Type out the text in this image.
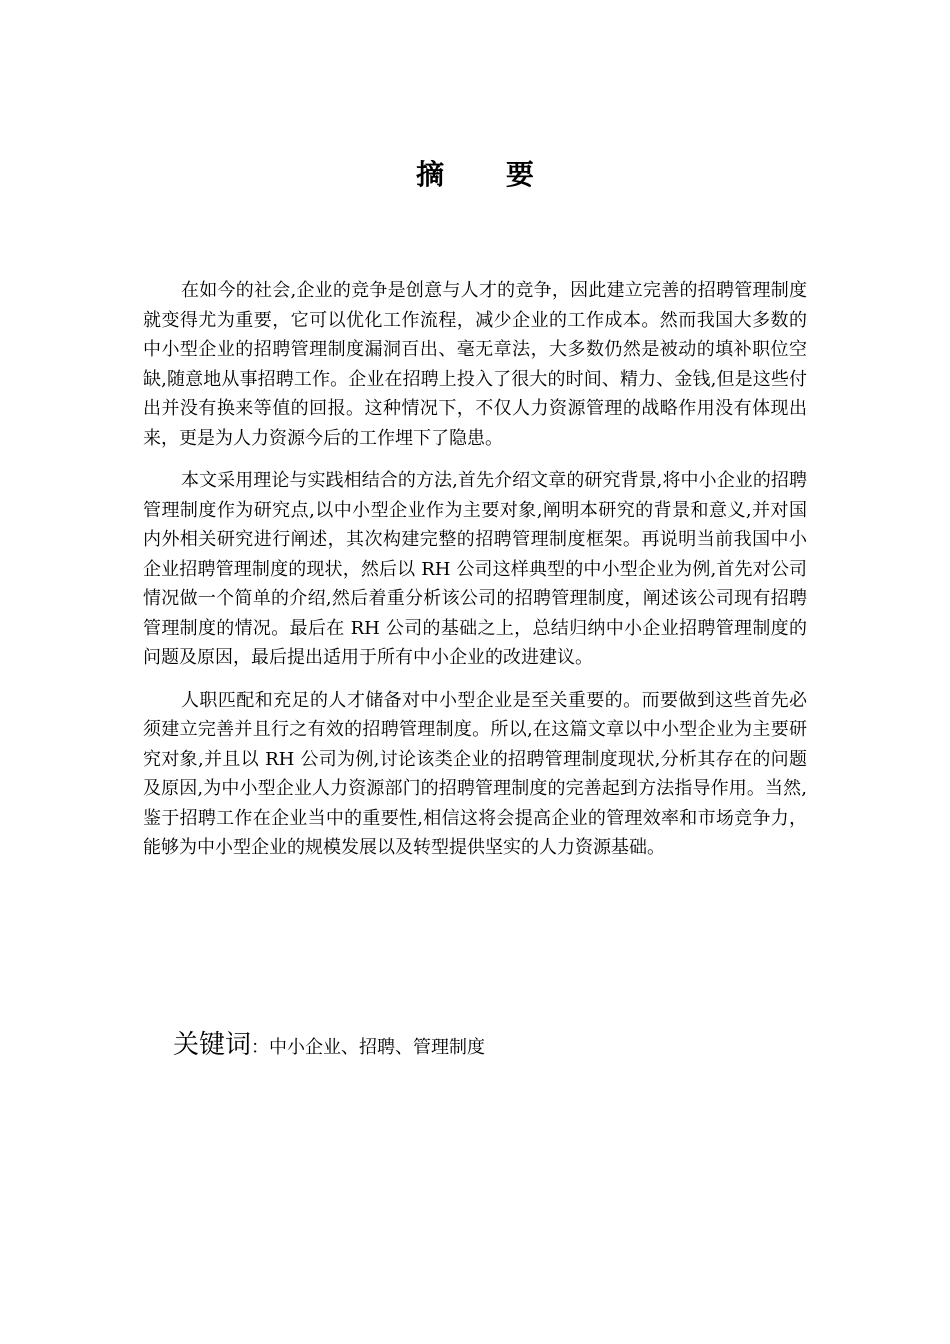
摘 要

在如今的社会,企业的竞争是创意与人才的竞争，因此建立完善的招聘管理制度就变得尤为重要，它可以优化工作流程，减少企业的工作成本。然而我国大多数的中小型企业的招聘管理制度漏洞百出、毫无章法，大多数仍然是被动的填补职位空缺,随意地从事招聘工作。企业在招聘上投入了很大的时间、精力、金钱,但是这些付出并没有换来等值的回报。这种情况下，不仅人力资源管理的战略作用没有体现出来，更是为人力资源今后的工作埋下了隐患。

本文采用理论与实践相结合的方法,首先介绍文章的研究背景,将中小企业的招聘管理制度作为研究点,以中小型企业作为主要对象,阐明本研究的背景和意义,并对国内外相关研究进行阐述，其次构建完整的招聘管理制度框架。再说明当前我国中小企业招聘管理制度的现状，然后以 RH 公司这样典型的中小型企业为例,首先对公司情况做一个简单的介绍,然后着重分析该公司的招聘管理制度，阐述该公司现有招聘管理制度的情况。最后在 RH 公司的基础之上，总结归纳中小企业招聘管理制度的问题及原因，最后提出适用于所有中小企业的改进建议。

人职匹配和充足的人才储备对中小型企业是至关重要的。而要做到这些首先必须建立完善并且行之有效的招聘管理制度。所以,在这篇文章以中小型企业为主要研究对象,并且以 RH 公司为例,讨论该类企业的招聘管理制度现状,分析其存在的问题及原因,为中小型企业人力资源部门的招聘管理制度的完善起到方法指导作用。当然,鉴于招聘工作在企业当中的重要性,相信这将会提高企业的管理效率和市场竞争力，能够为中小型企业的规模发展以及转型提供坚实的人力资源基础。

关键词：中小企业、招聘、管理制度
